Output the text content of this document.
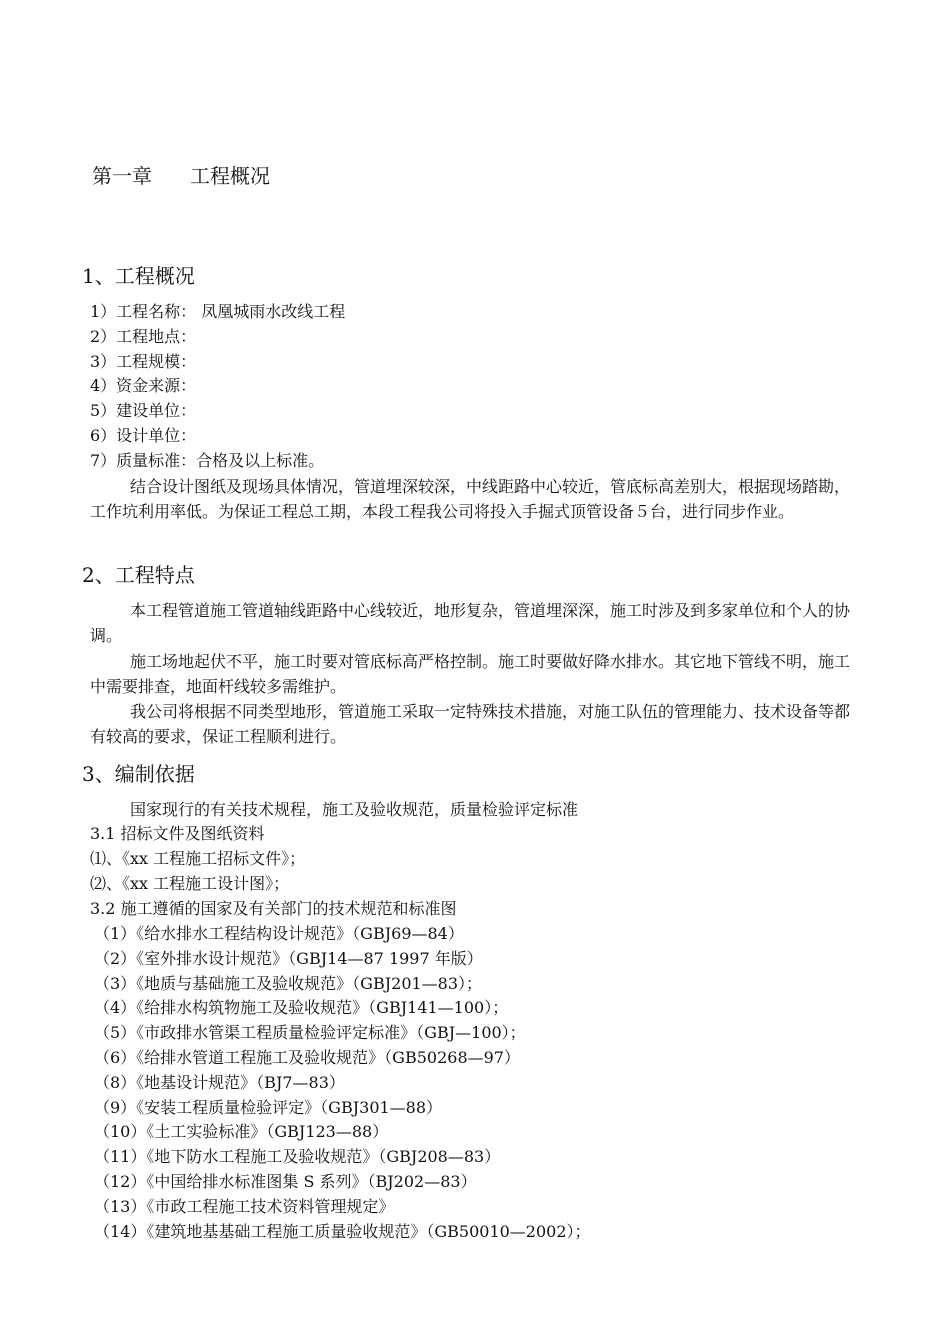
第一章 工程概况
1、工程概况
1）工程名称： 凤凰城雨水改线工程
2）工程地点：
3）工程规模：
4）资金来源：
5）建设单位：
6）设计单位：
7）质量标准：合格及以上标准。
结合设计图纸及现场具体情况，管道埋深较深，中线距路中心较近，管底标高差别大，根据现场踏勘，工作坑利用率低。为保证工程总工期，本段工程我公司将投入手掘式顶管设备５台，进行同步作业。
2、工程特点
本工程管道施工管道轴线距路中心线较近，地形复杂，管道埋深深，施工时涉及到多家单位和个人的协调。
施工场地起伏不平，施工时要对管底标高严格控制。施工时要做好降水排水。其它地下管线不明，施工中需要排查，地面杆线较多需维护。
我公司将根据不同类型地形，管道施工采取一定特殊技术措施，对施工队伍的管理能力、技术设备等都有较高的要求，保证工程顺利进行。
3、编制依据
国家现行的有关技术规程，施工及验收规范，质量检验评定标准
3.1 招标文件及图纸资料
⑴、《xx 工程施工招标文件》；
⑵、《xx 工程施工设计图》；
3.2 施工遵循的国家及有关部门的技术规范和标准图
（1）《给水排水工程结构设计规范》（GBJ69—84）
（2）《室外排水设计规范》（GBJ14—87 1997 年版）
（3）《地质与基础施工及验收规范》（GBJ201—83）；
（4）《给排水构筑物施工及验收规范》（GBJ141—100）；
（5）《市政排水管渠工程质量检验评定标准》（GBJ—100）；
（6）《给排水管道工程施工及验收规范》（GB50268—97）
（8）《地基设计规范》（BJ7—83）
（9）《安装工程质量检验评定》（GBJ301—88）
（10）《土工实验标准》（GBJ123—88）
（11）《地下防水工程施工及验收规范》（GBJ208—83）
（12）《中国给排水标准图集 S 系列》（BJ202—83）
（13）《市政工程施工技术资料管理规定》
（14）《建筑地基基础工程施工质量验收规范》（GB50010—2002）；
